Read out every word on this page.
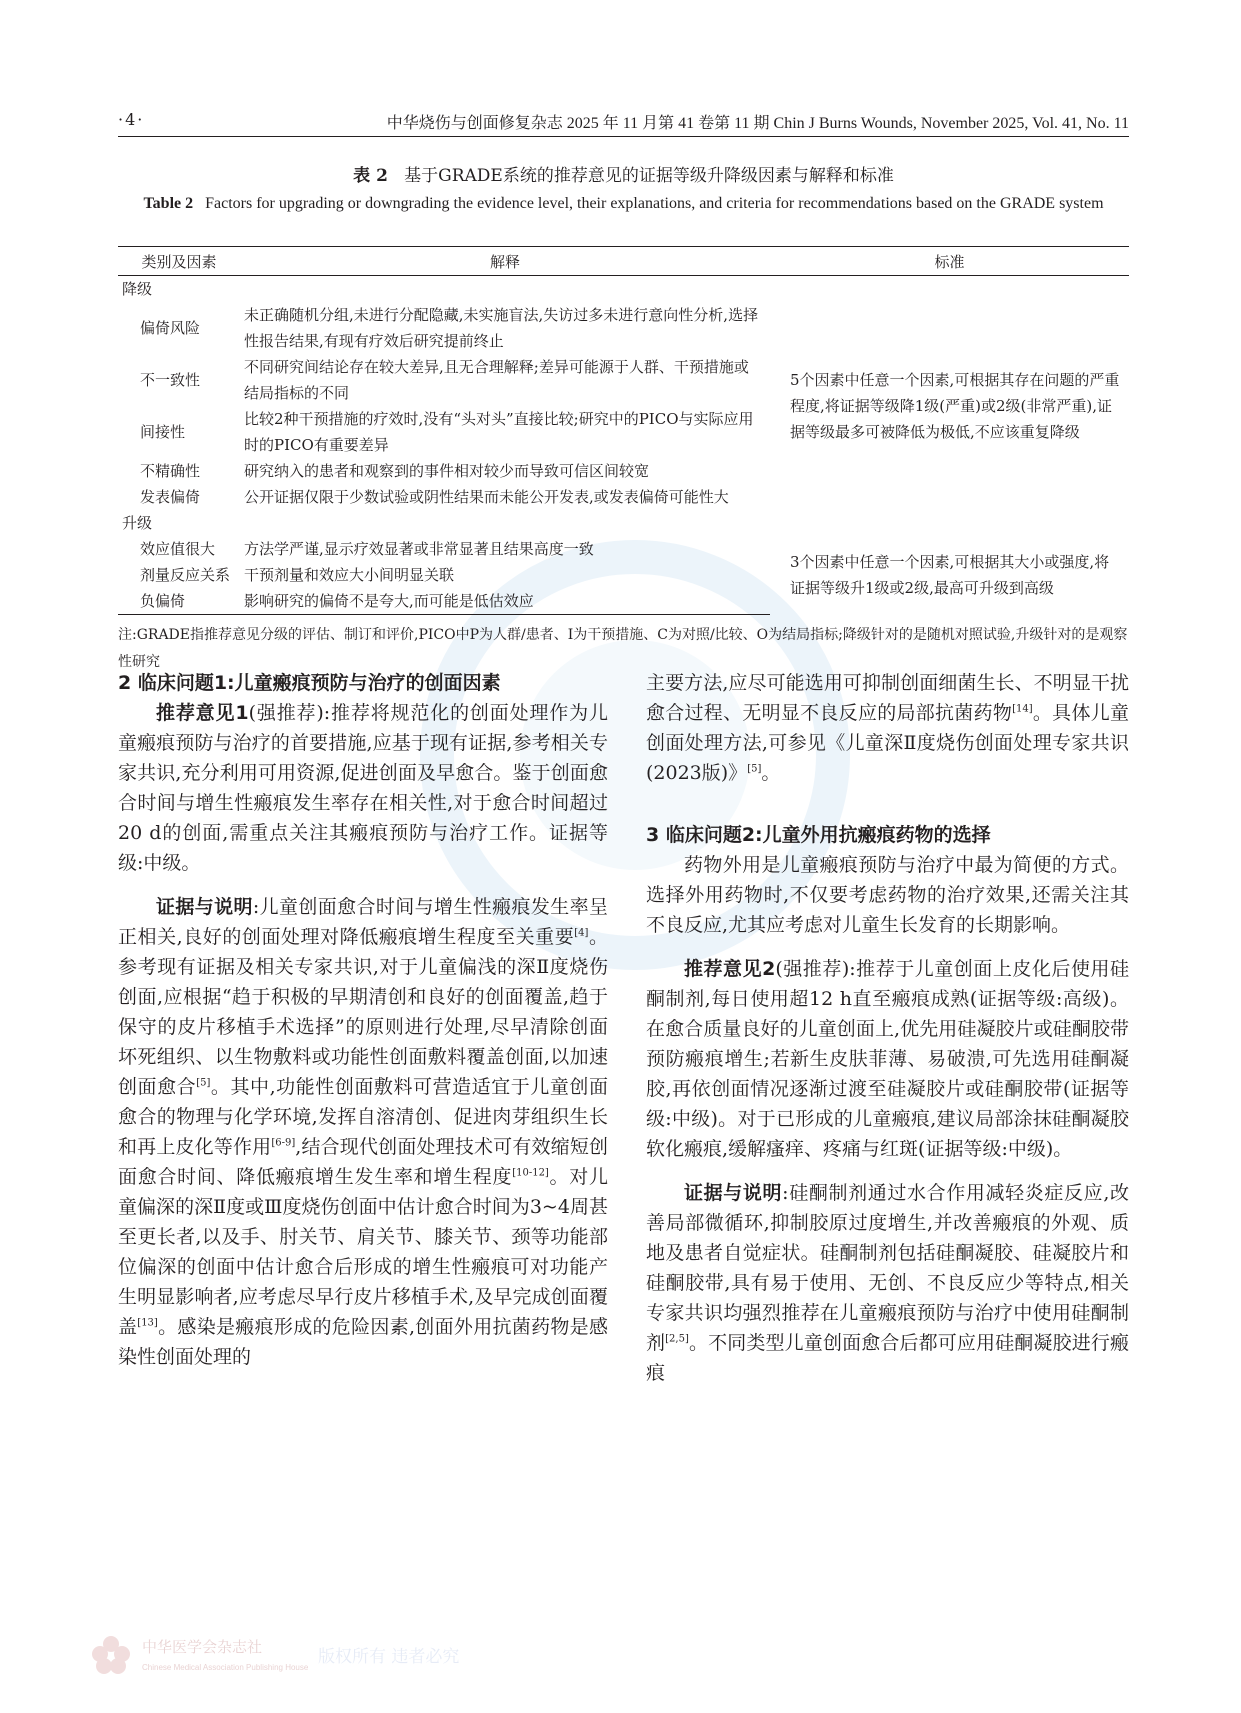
·4·	中华烧伤与创面修复杂志 2025 年 11 月第 41 卷第 11 期 Chin J Burns Wounds, November 2025, Vol. 41, No. 11
表 2 基于GRADE系统的推荐意见的证据等级升降级因素与解释和标准
Table 2 Factors for upgrading or downgrading the evidence level, their explanations, and criteria for recommendations based on the GRADE system
类别及因素	解释	标准
降级		
偏倚风险	未正确随机分组,未进行分配隐藏,未实施盲法,失访过多未进行意向性分析,选择性报告结果,有现有疗效后研究提前终止	5个因素中任意一个因素,可根据其存在问题的严重程度,将证据等级降1级(严重)或2级(非常严重),证据等级最多可被降低为极低,不应该重复降级
不一致性	不同研究间结论存在较大差异,且无合理解释;差异可能源于人群、干预措施或结局指标的不同	
间接性	比较2种干预措施的疗效时,没有“头对头”直接比较;研究中的PICO与实际应用时的PICO有重要差异	
不精确性	研究纳入的患者和观察到的事件相对较少而导致可信区间较宽	
发表偏倚	公开证据仅限于少数试验或阴性结果而未能公开发表,或发表偏倚可能性大	
升级		
效应值很大	方法学严谨,显示疗效显著或非常显著且结果高度一致	3个因素中任意一个因素,可根据其大小或强度,将证据等级升1级或2级,最高可升级到高级
剂量反应关系	干预剂量和效应大小间明显关联	
负偏倚	影响研究的偏倚不是夸大,而可能是低估效应	
注:GRADE指推荐意见分级的评估、制订和评价,PICO中P为人群/患者、I为干预措施、C为对照/比较、O为结局指标;降级针对的是随机对照试验,升级针对的是观察性研究
2 临床问题1:儿童瘢痕预防与治疗的创面因素

推荐意见1(强推荐):推荐将规范化的创面处理作为儿童瘢痕预防与治疗的首要措施,应基于现有证据,参考相关专家共识,充分利用可用资源,促进创面及早愈合。鉴于创面愈合时间与增生性瘢痕发生率存在相关性,对于愈合时间超过20 d的创面,需重点关注其瘢痕预防与治疗工作。证据等级:中级。

证据与说明:儿童创面愈合时间与增生性瘢痕发生率呈正相关,良好的创面处理对降低瘢痕增生程度至关重要[4]。参考现有证据及相关专家共识,对于儿童偏浅的深Ⅱ度烧伤创面,应根据“趋于积极的早期清创和良好的创面覆盖,趋于保守的皮片移植手术选择”的原则进行处理,尽早清除创面坏死组织、以生物敷料或功能性创面敷料覆盖创面,以加速创面愈合[5]。其中,功能性创面敷料可营造适宜于儿童创面愈合的物理与化学环境,发挥自溶清创、促进肉芽组织生长和再上皮化等作用[6-9],结合现代创面处理技术可有效缩短创面愈合时间、降低瘢痕增生发生率和增生程度[10-12]。对儿童偏深的深Ⅱ度或Ⅲ度烧伤创面中估计愈合时间为3~4周甚至更长者,以及手、肘关节、肩关节、膝关节、颈等功能部位偏深的创面中估计愈合后形成的增生性瘢痕可对功能产生明显影响者,应考虑尽早行皮片移植手术,及早完成创面覆盖[13]。感染是瘢痕形成的危险因素,创面外用抗菌药物是感染性创面处理的

主要方法,应尽可能选用可抑制创面细菌生长、不明显干扰愈合过程、无明显不良反应的局部抗菌药物[14]。具体儿童创面处理方法,可参见《儿童深Ⅱ度烧伤创面处理专家共识(2023版)》[5]。

3 临床问题2:儿童外用抗瘢痕药物的选择

药物外用是儿童瘢痕预防与治疗中最为简便的方式。选择外用药物时,不仅要考虑药物的治疗效果,还需关注其不良反应,尤其应考虑对儿童生长发育的长期影响。

推荐意见2(强推荐):推荐于儿童创面上皮化后使用硅酮制剂,每日使用超12 h直至瘢痕成熟(证据等级:高级)。在愈合质量良好的儿童创面上,优先用硅凝胶片或硅酮胶带预防瘢痕增生;若新生皮肤菲薄、易破溃,可先选用硅酮凝胶,再依创面情况逐渐过渡至硅凝胶片或硅酮胶带(证据等级:中级)。对于已形成的儿童瘢痕,建议局部涂抹硅酮凝胶软化瘢痕,缓解瘙痒、疼痛与红斑(证据等级:中级)。

证据与说明:硅酮制剂通过水合作用减轻炎症反应,改善局部微循环,抑制胶原过度增生,并改善瘢痕的外观、质地及患者自觉症状。硅酮制剂包括硅酮凝胶、硅凝胶片和硅酮胶带,具有易于使用、无创、不良反应少等特点,相关专家共识均强烈推荐在儿童瘢痕预防与治疗中使用硅酮制剂[2,5]。不同类型儿童创面愈合后都可应用硅酮凝胶进行瘢痕

中华医学会杂志社
Chinese Medical Association Publishing House
版权所有 违者必究
